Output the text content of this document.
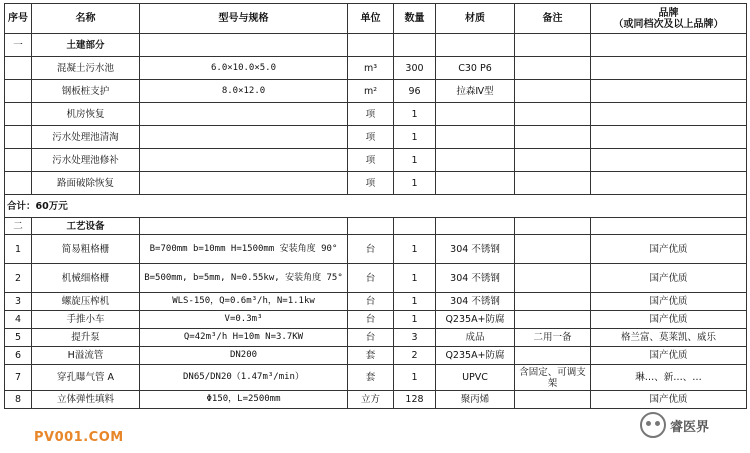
序号	名称	型号与规格	单位	数量	材质	备注	品牌
（或同档次及以上品牌）

一	土建部分						
	混凝土污水池	6.0×10.0×5.0	m³	300	C30 P6		
	钢板桩支护	8.0×12.0	m²	96	拉森Ⅳ型		
	机房恢复		项	1			
	污水处理池清淘		项	1			
	污水处理池修补		项	1			
	路面破除恢复		项	1			
合计：60万元							
二	工艺设备						
1	简易粗格栅	B=700mm b=10mm H=1500mm 安装角度 90°	台	1	304 不锈钢		国产优质
2	机械细格栅	B=500mm, b=5mm, N=0.55kw, 安装角度 75°	台	1	304 不锈钢		国产优质
3	螺旋压榨机	WLS-150，Q=0.6m³/h，N=1.1kw	台	1	304 不锈钢		国产优质
4	手推小车	V=0.3m³	台	1	Q235A+防腐		国产优质
5	提升泵	Q=42m³/h H=10m N=3.7KW	台	3	成品	二用一备	格兰富、莫莱凯、威乐
6	H溢流管	DN200	套	2	Q235A+防腐		国产优质
7	穿孔曝气管 A	DN65/DN20（1.47m³/min）	套	1	UPVC	含固定、可调支架	琳…、新…、…
8	立体弹性填料	Φ150，L=2500mm	立方	128	聚丙烯		国产优质
PV001.COM
睿医界
